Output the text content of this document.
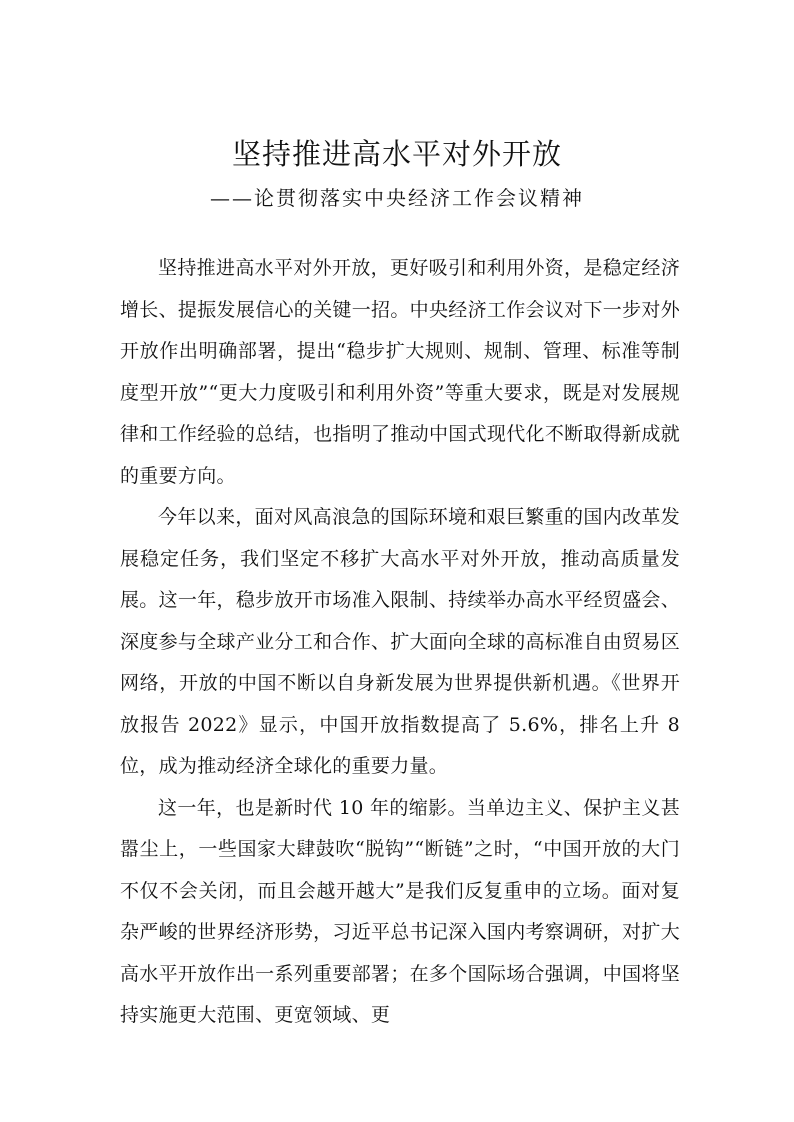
坚持推进高水平对外开放
——论贯彻落实中央经济工作会议精神

坚持推进高水平对外开放，更好吸引和利用外资，是稳定经济增长、提振发展信心的关键一招。中央经济工作会议对下一步对外开放作出明确部署，提出“稳步扩大规则、规制、管理、标准等制度型开放”“更大力度吸引和利用外资”等重大要求，既是对发展规律和工作经验的总结，也指明了推动中国式现代化不断取得新成就的重要方向。

今年以来，面对风高浪急的国际环境和艰巨繁重的国内改革发展稳定任务，我们坚定不移扩大高水平对外开放，推动高质量发展。这一年，稳步放开市场准入限制、持续举办高水平经贸盛会、深度参与全球产业分工和合作、扩大面向全球的高标准自由贸易区网络，开放的中国不断以自身新发展为世界提供新机遇。《世界开放报告 2022》显示，中国开放指数提高了 5.6%，排名上升 8 位，成为推动经济全球化的重要力量。

这一年，也是新时代 10 年的缩影。当单边主义、保护主义甚嚣尘上，一些国家大肆鼓吹“脱钩”“断链”之时，“中国开放的大门不仅不会关闭，而且会越开越大”是我们反复重申的立场。面对复杂严峻的世界经济形势，习近平总书记深入国内考察调研，对扩大高水平开放作出一系列重要部署；在多个国际场合强调，中国将坚持实施更大范围、更宽领域、更
